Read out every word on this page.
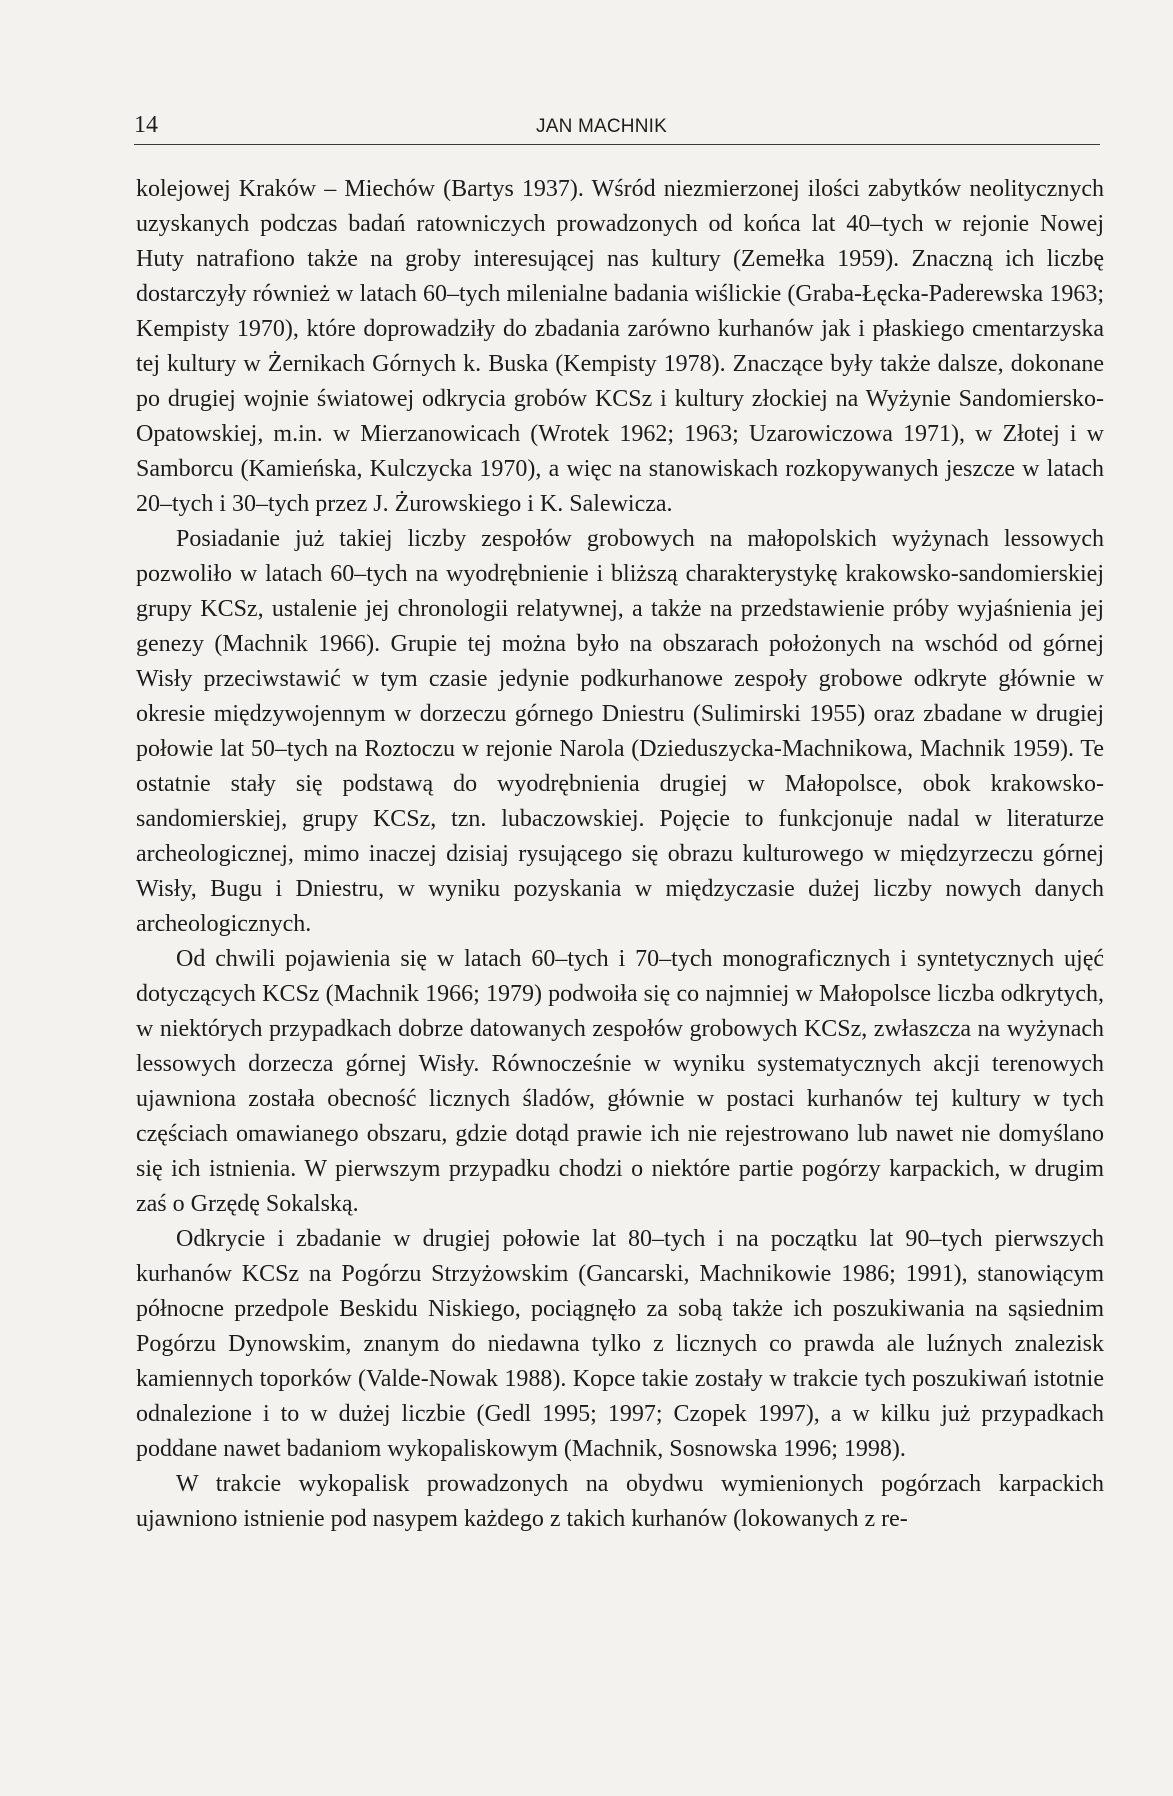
14	JAN MACHNIK

kolejowej Kraków – Miechów (Bartys 1937). Wśród niezmierzonej ilości zabytków neolitycznych uzyskanych podczas badań ratowniczych prowadzonych od końca lat 40–tych w rejonie Nowej Huty natrafiono także na groby interesującej nas kultury (Zemełka 1959). Znaczną ich liczbę dostarczyły również w latach 60–tych milenialne badania wiślickie (Graba-Łęcka-Paderewska 1963; Kempisty 1970), które doprowadziły do zbadania zarówno kurhanów jak i płaskiego cmentarzyska tej kultury w Żernikach Górnych k. Buska (Kempisty 1978). Znaczące były także dalsze, dokonane po drugiej wojnie światowej odkrycia grobów KCSz i kultury złockiej na Wyżynie Sandomiersko-Opatowskiej, m.in. w Mierzanowicach (Wrotek 1962; 1963; Uzarowiczowa 1971), w Złotej i w Samborcu (Kamieńska, Kulczycka 1970), a więc na stanowiskach rozkopywanych jeszcze w latach 20–tych i 30–tych przez J. Żurowskiego i K. Salewicza.

Posiadanie już takiej liczby zespołów grobowych na małopolskich wyżynach lessowych pozwoliło w latach 60–tych na wyodrębnienie i bliższą charakterystykę krakowsko-sandomierskiej grupy KCSz, ustalenie jej chronologii relatywnej, a także na przedstawienie próby wyjaśnienia jej genezy (Machnik 1966). Grupie tej można było na obszarach położonych na wschód od górnej Wisły przeciwstawić w tym czasie jedynie podkurhanowe zespoły grobowe odkryte głównie w okresie międzywojennym w dorzeczu górnego Dniestru (Sulimirski 1955) oraz zbadane w drugiej połowie lat 50–tych na Roztoczu w rejonie Narola (Dzieduszycka-Machnikowa, Machnik 1959). Te ostatnie stały się podstawą do wyodrębnienia drugiej w Małopolsce, obok krakowsko-sandomierskiej, grupy KCSz, tzn. lubaczowskiej. Pojęcie to funkcjonuje nadal w literaturze archeologicznej, mimo inaczej dzisiaj rysującego się obrazu kulturowego w międzyrzeczu górnej Wisły, Bugu i Dniestru, w wyniku pozyskania w międzyczasie dużej liczby nowych danych archeologicznych.

Od chwili pojawienia się w latach 60–tych i 70–tych monograficznych i syntetycznych ujęć dotyczących KCSz (Machnik 1966; 1979) podwoiła się co najmniej w Małopolsce liczba odkrytych, w niektórych przypadkach dobrze datowanych zespołów grobowych KCSz, zwłaszcza na wyżynach lessowych dorzecza górnej Wisły. Równocześnie w wyniku systematycznych akcji terenowych ujawniona została obecność licznych śladów, głównie w postaci kurhanów tej kultury w tych częściach omawianego obszaru, gdzie dotąd prawie ich nie rejestrowano lub nawet nie domyślano się ich istnienia. W pierwszym przypadku chodzi o niektóre partie pogórzy karpackich, w drugim zaś o Grzędę Sokalską.

Odkrycie i zbadanie w drugiej połowie lat 80–tych i na początku lat 90–tych pierwszych kurhanów KCSz na Pogórzu Strzyżowskim (Gancarski, Machnikowie 1986; 1991), stanowiącym północne przedpole Beskidu Niskiego, pociągnęło za sobą także ich poszukiwania na sąsiednim Pogórzu Dynowskim, znanym do niedawna tylko z licznych co prawda ale luźnych znalezisk kamiennych toporków (Valde-Nowak 1988). Kopce takie zostały w trakcie tych poszukiwań istotnie odnalezione i to w dużej liczbie (Gedl 1995; 1997; Czopek 1997), a w kilku już przypadkach poddane nawet badaniom wykopaliskowym (Machnik, Sosnowska 1996; 1998).

W trakcie wykopalisk prowadzonych na obydwu wymienionych pogórzach karpackich ujawniono istnienie pod nasypem każdego z takich kurhanów (lokowanych z re-
